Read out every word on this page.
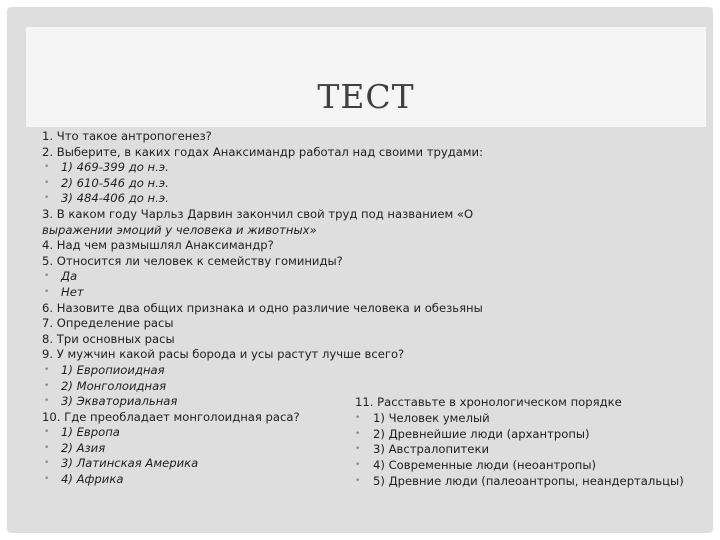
ТЕСТ
1. Что такое антропогенез?
2. Выберите, в каких годах Анаксимандр работал над своими трудами:
• 1) 469-399 до н.э.
• 2) 610-546 до н.э.
• 3) 484-406 до н.э.
3. В каком году Чарльз Дарвин закончил свой труд под названием «О
выражении эмоций у человека и животных»
4. Над чем размышлял Анаксимандр?
5. Относится ли человек к семейству гоминиды?
• Да
• Нет
6. Назовите два общих признака и одно различие человека и обезьяны
7. Определение расы
8. Три основных расы
9. У мужчин какой расы борода и усы растут лучше всего?
• 1) Европиоидная
• 2) Монголоидная
• 3) Экваториальная
10. Где преобладает монголоидная раса?
• 1) Европа
• 2) Азия
• 3) Латинская Америка
• 4) Африка
11. Расставьте в хронологическом порядке
• 1) Человек умелый
• 2) Древнейшие люди (архантропы)
• 3) Австралопитеки
• 4) Современные люди (неоантропы)
• 5) Древние люди (палеоантропы, неандертальцы)
